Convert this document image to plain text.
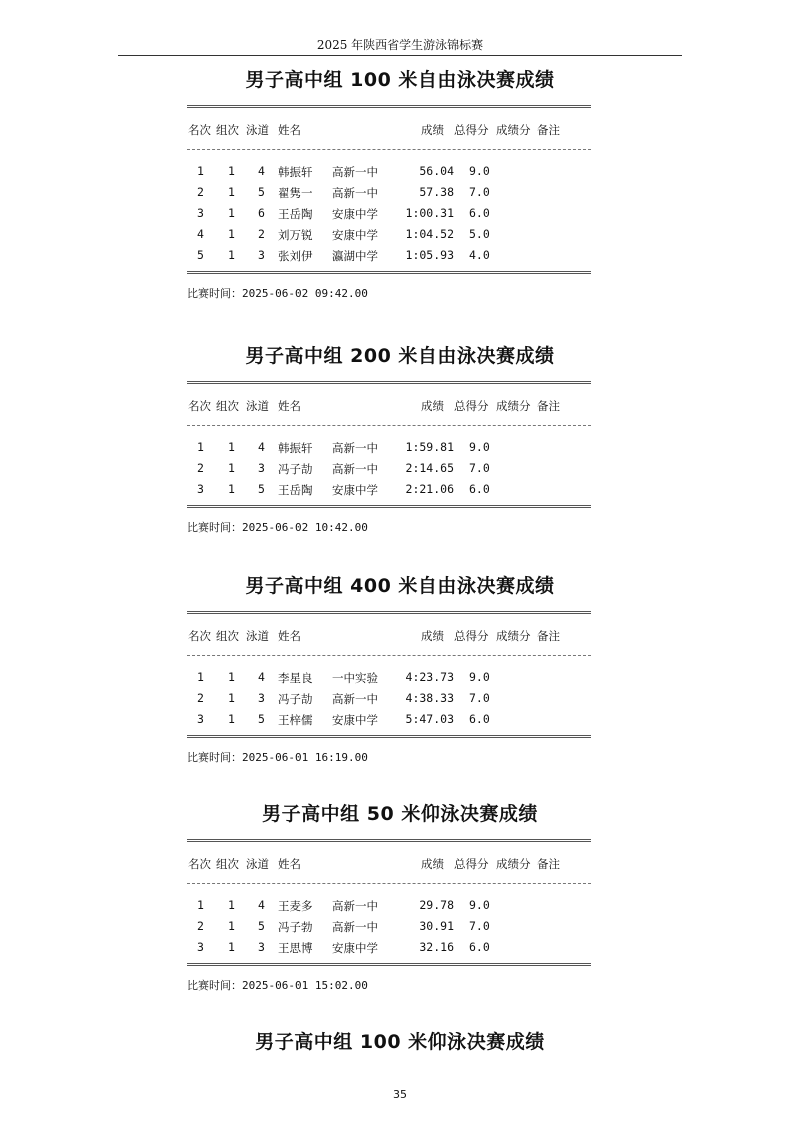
2025 年陕西省学生游泳锦标赛
男子高中组 100 米自由泳决赛成绩
名次 组次 泳道 姓名	成绩 总得分 成绩分 备注
1 1 4 韩振轩 高新一中	56.04 9.0
2 1 5 翟隽一 高新一中	57.38 7.0
3 1 6 王岳陶 安康中学	1:00.31 6.0
4 1 2 刘万锐 安康中学	1:04.52 5.0
5 1 3 张刘伊 瀛湖中学	1:05.93 4.0
比赛时间：2025-06-02 09:42.00
男子高中组 200 米自由泳决赛成绩
名次 组次 泳道 姓名	成绩 总得分 成绩分 备注
1 1 4 韩振轩 高新一中	1:59.81 9.0
2 1 3 冯子劼 高新一中	2:14.65 7.0
3 1 5 王岳陶 安康中学	2:21.06 6.0
比赛时间：2025-06-02 10:42.00
男子高中组 400 米自由泳决赛成绩
名次 组次 泳道 姓名	成绩 总得分 成绩分 备注
1 1 4 李星良 一中实验	4:23.73 9.0
2 1 3 冯子劼 高新一中	4:38.33 7.0
3 1 5 王梓儒 安康中学	5:47.03 6.0
比赛时间：2025-06-01 16:19.00
男子高中组 50 米仰泳决赛成绩
名次 组次 泳道 姓名	成绩 总得分 成绩分 备注
1 1 4 王麦多 高新一中	29.78 9.0
2 1 5 冯子勃 高新一中	30.91 7.0
3 1 3 王思博 安康中学	32.16 6.0
比赛时间：2025-06-01 15:02.00
男子高中组 100 米仰泳决赛成绩
35
